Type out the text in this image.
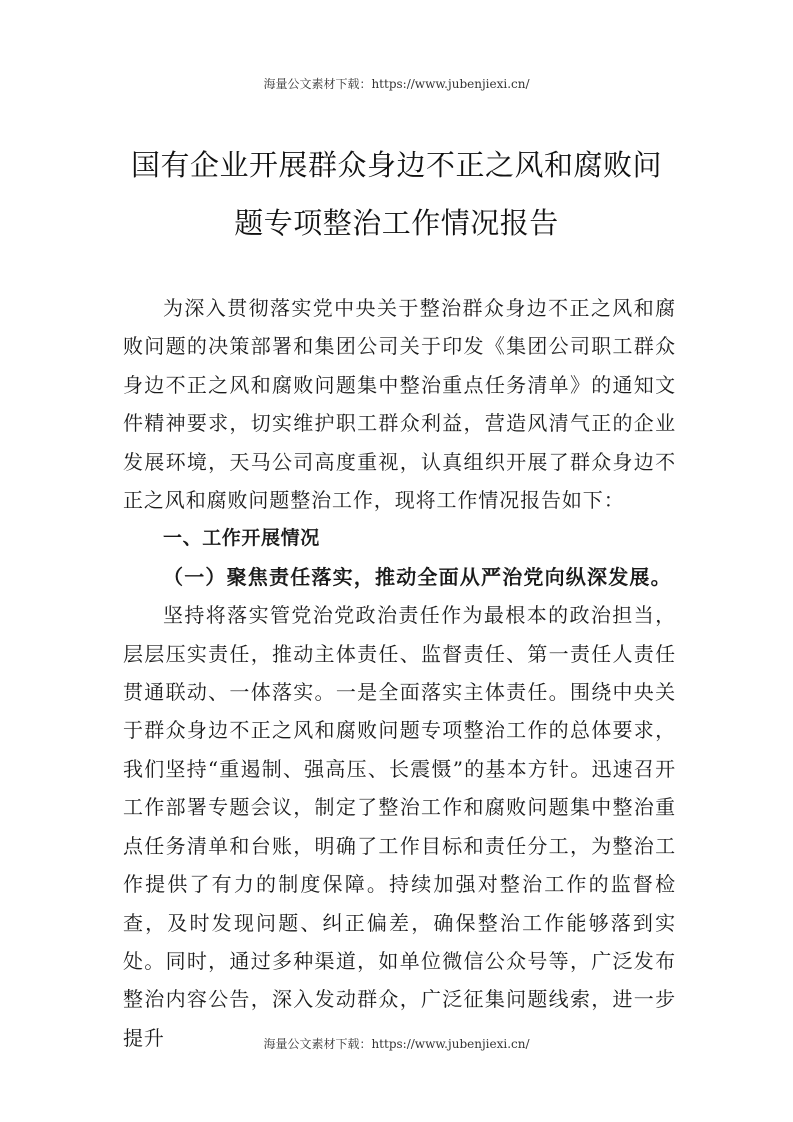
海量公文素材下载：https://www.jubenjiexi.cn/
国有企业开展群众身边不正之风和腐败问
题专项整治工作情况报告

为深入贯彻落实党中央关于整治群众身边不正之风和腐败问题的决策部署和集团公司关于印发《集团公司职工群众身边不正之风和腐败问题集中整治重点任务清单》的通知文件精神要求，切实维护职工群众利益，营造风清气正的企业发展环境，天马公司高度重视，认真组织开展了群众身边不正之风和腐败问题整治工作，现将工作情况报告如下：

一、工作开展情况

（一）聚焦责任落实，推动全面从严治党向纵深发展。

坚持将落实管党治党政治责任作为最根本的政治担当，层层压实责任，推动主体责任、监督责任、第一责任人责任贯通联动、一体落实。一是全面落实主体责任。围绕中央关于群众身边不正之风和腐败问题专项整治工作的总体要求，我们坚持“重遏制、强高压、长震慑”的基本方针。迅速召开工作部署专题会议，制定了整治工作和腐败问题集中整治重点任务清单和台账，明确了工作目标和责任分工，为整治工作提供了有力的制度保障。持续加强对整治工作的监督检查，及时发现问题、纠正偏差，确保整治工作能够落到实处。同时，通过多种渠道，如单位微信公众号等，广泛发布整治内容公告，深入发动群众，广泛征集问题线索，进一步提升	海量公文素材下载：https://www.jubenjiexi.cn/
